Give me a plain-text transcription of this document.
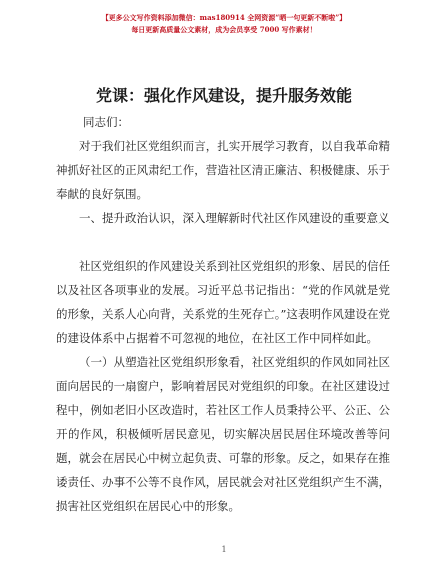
【更多公文写作资料添加微信：mas180914 全网资源“晒一句更新不断啦”】
每日更新高质量公文素材，成为会员享受 7000 写作素材！
党课：强化作风建设，提升服务效能
同志们：
对于我们社区党组织而言，扎实开展学习教育，以自我革命精神抓好社区的正风肃纪工作，营造社区清正廉洁、积极健康、乐于奉献的良好氛围。
一、提升政治认识，深入理解新时代社区作风建设的重要意义
社区党组织的作风建设关系到社区党组织的形象、居民的信任以及社区各项事业的发展。习近平总书记指出：“党的作风就是党的形象，关系人心向背，关系党的生死存亡。”这表明作风建设在党的建设体系中占据着不可忽视的地位，在社区工作中同样如此。
（一）从塑造社区党组织形象看，社区党组织的作风如同社区面向居民的一扇窗户，影响着居民对党组织的印象。在社区建设过程中，例如老旧小区改造时，若社区工作人员秉持公平、公正、公开的作风，积极倾听居民意见，切实解决居民居住环境改善等问题，就会在居民心中树立起负责、可靠的形象。反之，如果存在推诿责任、办事不公等不良作风，居民就会对社区党组织产生不满，损害社区党组织在居民心中的形象。
1
